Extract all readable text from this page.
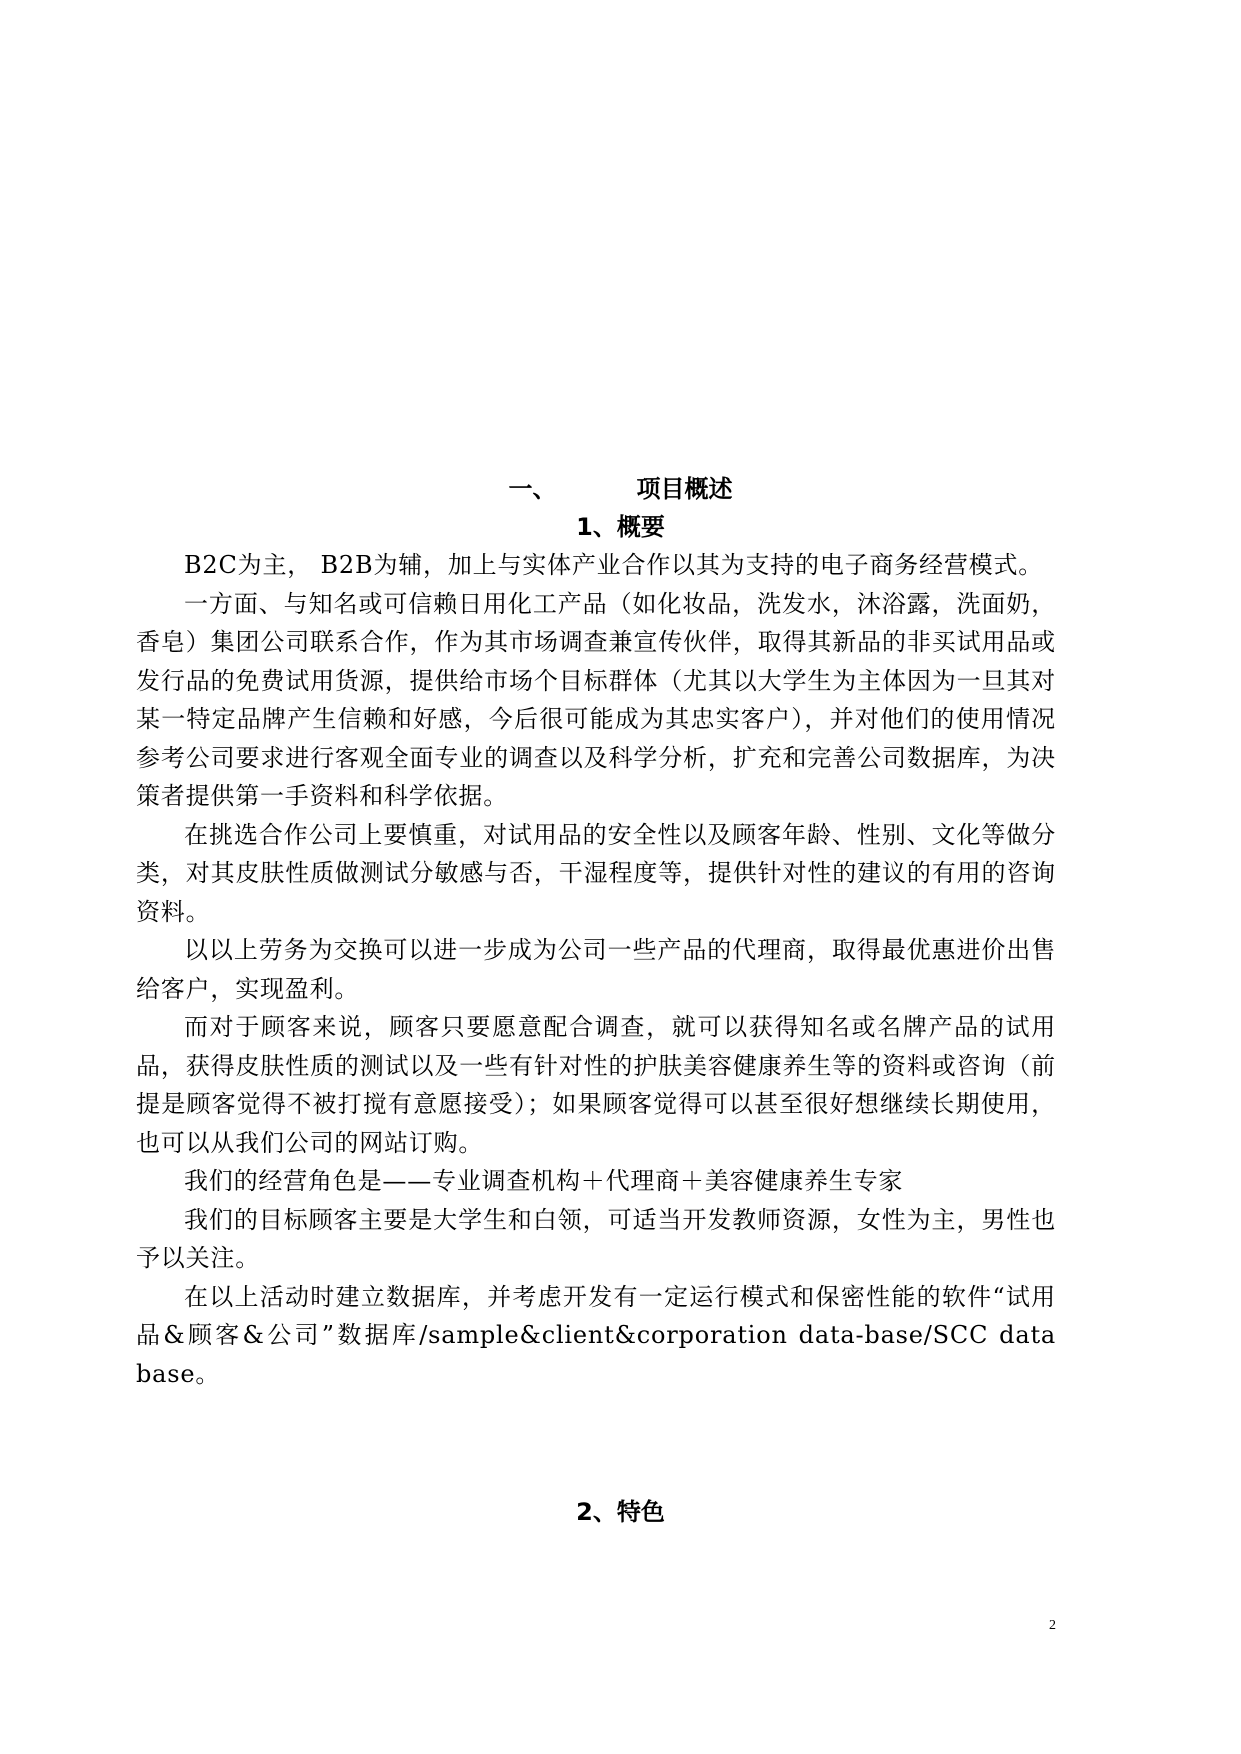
一、	项目概述
1、概要

B2C为主， B2B为辅，加上与实体产业合作以其为支持的电子商务经营模式。

一方面、与知名或可信赖日用化工产品（如化妆品，洗发水，沐浴露，洗面奶，香皂）集团公司联系合作，作为其市场调查兼宣传伙伴，取得其新品的非买试用品或发行品的免费试用货源，提供给市场个目标群体（尤其以大学生为主体因为一旦其对某一特定品牌产生信赖和好感，今后很可能成为其忠实客户），并对他们的使用情况参考公司要求进行客观全面专业的调查以及科学分析，扩充和完善公司数据库，为决策者提供第一手资料和科学依据。

在挑选合作公司上要慎重，对试用品的安全性以及顾客年龄、性别、文化等做分类，对其皮肤性质做测试分敏感与否，干湿程度等，提供针对性的建议的有用的咨询资料。

以以上劳务为交换可以进一步成为公司一些产品的代理商，取得最优惠进价出售给客户，实现盈利。

而对于顾客来说，顾客只要愿意配合调查，就可以获得知名或名牌产品的试用品，获得皮肤性质的测试以及一些有针对性的护肤美容健康养生等的资料或咨询（前提是顾客觉得不被打搅有意愿接受）；如果顾客觉得可以甚至很好想继续长期使用，也可以从我们公司的网站订购。

我们的经营角色是——专业调查机构＋代理商＋美容健康养生专家

我们的目标顾客主要是大学生和白领，可适当开发教师资源，女性为主，男性也予以关注。

在以上活动时建立数据库，并考虑开发有一定运行模式和保密性能的软件“试用品&顾客&公司”数据库/sample&client&corporation data-base/SCC data base。

2、特色
2
